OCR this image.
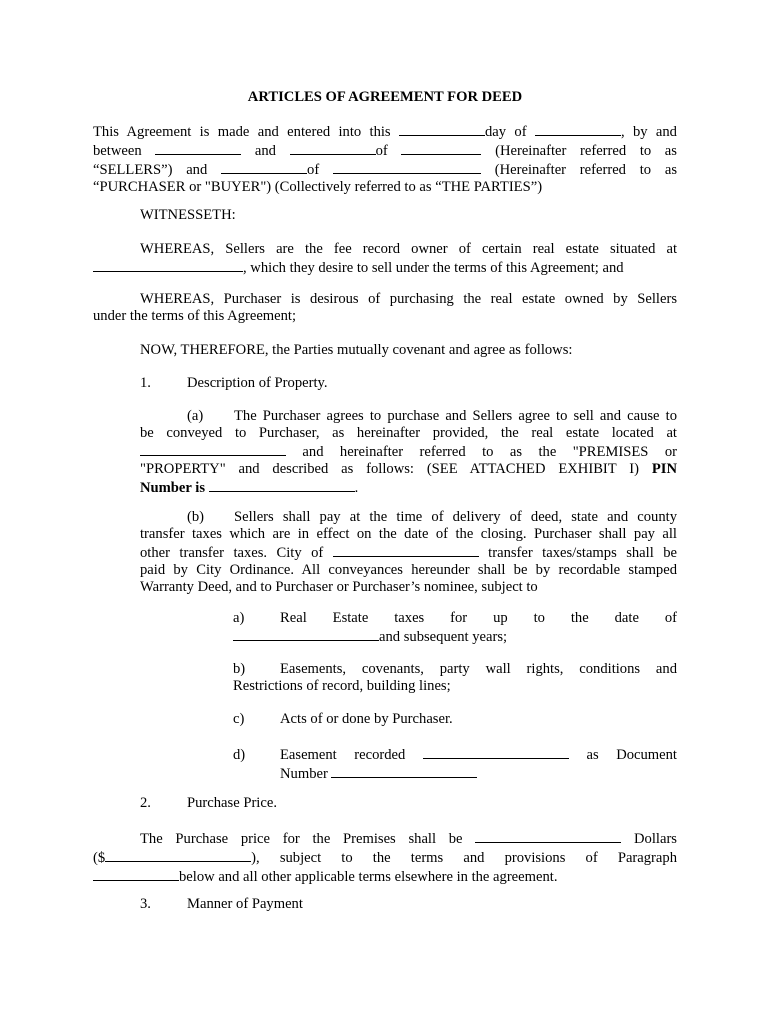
ARTICLES OF AGREEMENT FOR DEED
This Agreement is made and entered into this	day of	, by and
between	and	of	(Hereinafter referred to as
“SELLERS”) and	of	(Hereinafter referred to as
“PURCHASER or "BUYER") (Collectively referred to as “THE PARTIES”)
WITNESSETH:
WHEREAS, Sellers are the fee record owner of certain real estate situated at
, which they desire to sell under the terms of this Agreement; and
WHEREAS, Purchaser is desirous of purchasing the real estate owned by Sellers
under the terms of this Agreement;
NOW, THEREFORE, the Parties mutually covenant and agree as follows:
1. Description of Property.
(a) The Purchaser agrees to purchase and Sellers agree to sell and cause to
be conveyed to Purchaser, as hereinafter provided, the real estate located at
and hereinafter referred to as the "PREMISES or
"PROPERTY" and described as follows: (SEE ATTACHED EXHIBIT I) PIN
Number is	.
(b) Sellers shall pay at the time of delivery of deed, state and county
transfer taxes which are in effect on the date of the closing. Purchaser shall pay all
other transfer taxes. City of	transfer taxes/stamps shall be
paid by City Ordinance. All conveyances hereunder shall be by recordable stamped
Warranty Deed, and to Purchaser or Purchaser’s nominee, subject to
a) Real Estate taxes for up to the date of
and subsequent years;
b) Easements, covenants, party wall rights, conditions and
Restrictions of record, building lines;
c) Acts of or done by Purchaser.
d) Easement recorded	as Document
Number
2. Purchase Price.
The Purchase price for the Premises shall be	Dollars
($	), subject to the terms and provisions of Paragraph
below and all other applicable terms elsewhere in the agreement.
3. Manner of Payment
